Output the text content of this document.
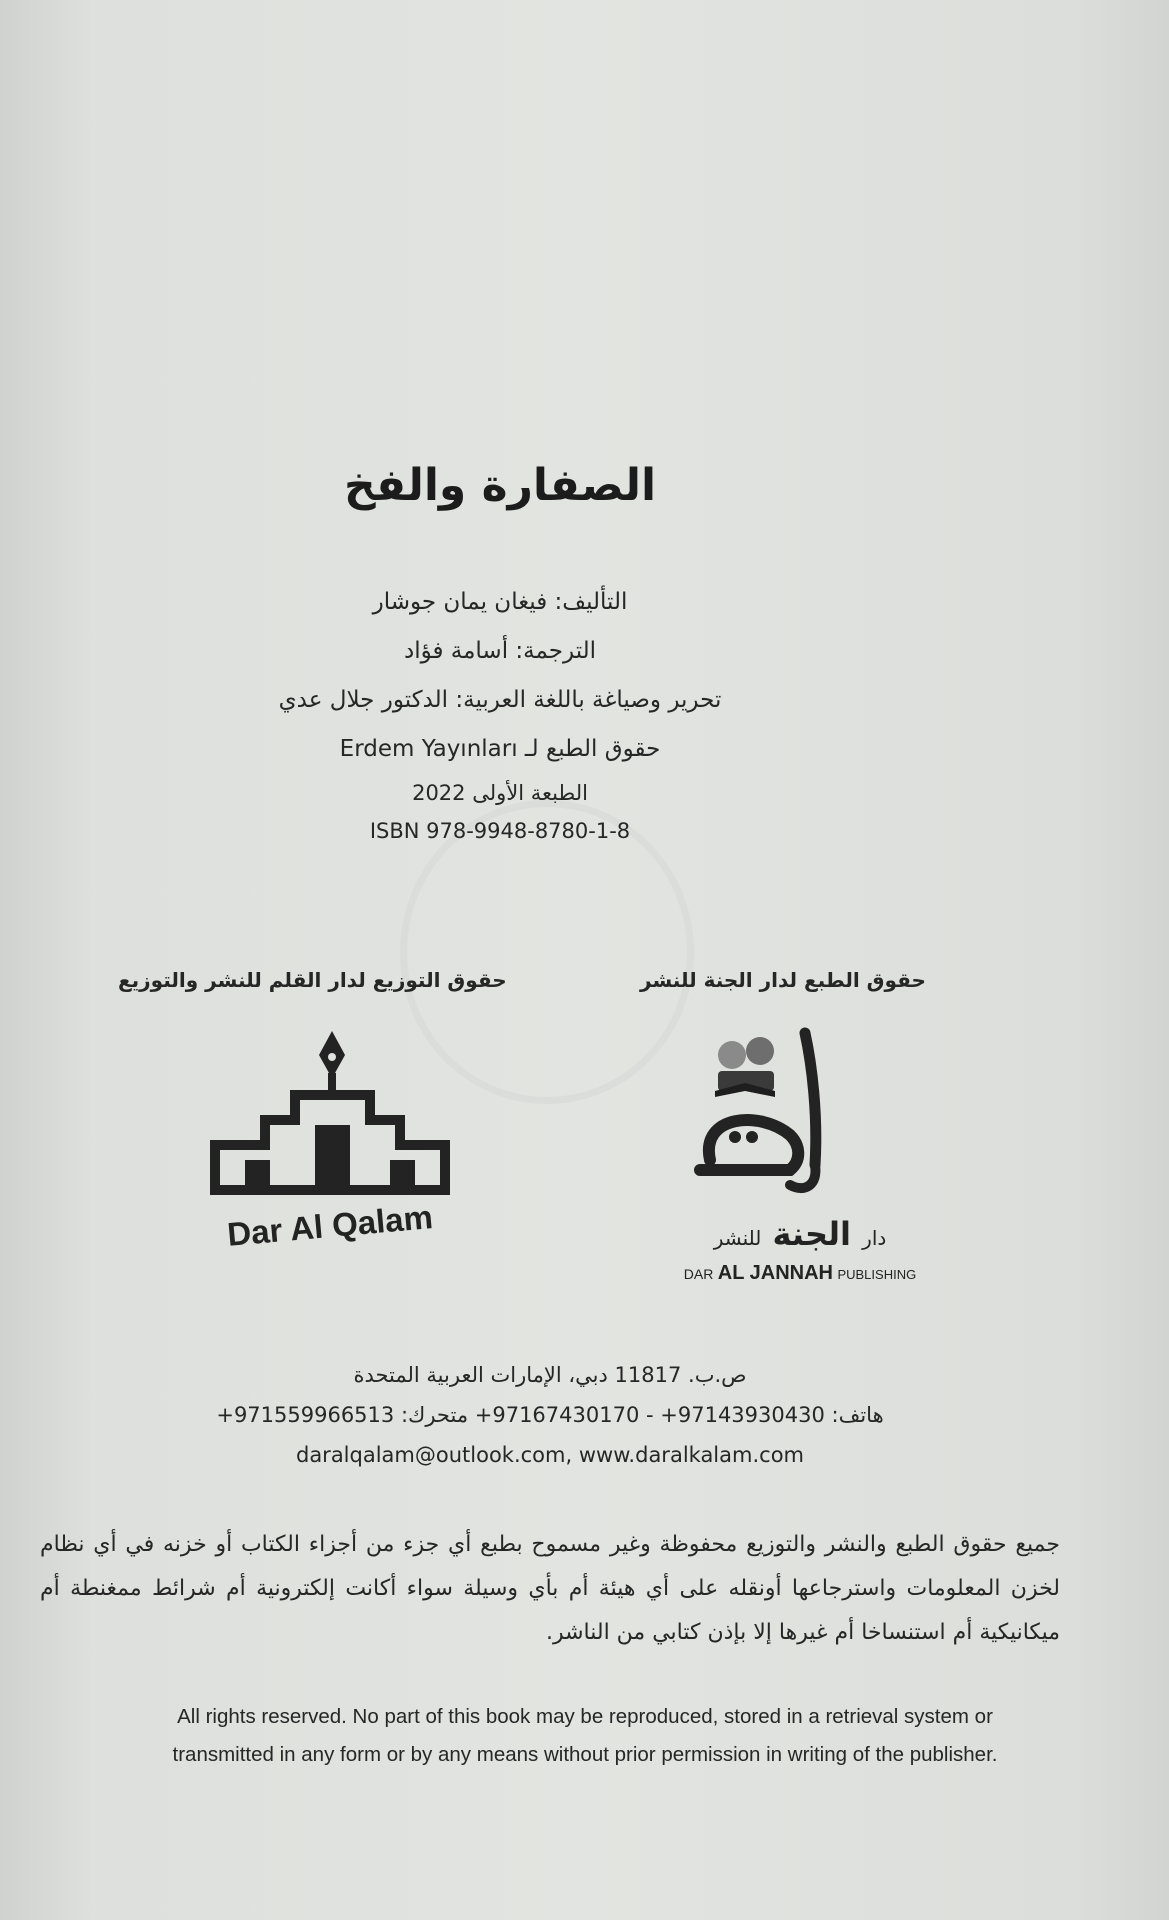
الصفارة والفخ
التأليف: فيغان يمان جوشار
الترجمة: أسامة فؤاد
تحرير وصياغة باللغة العربية: الدكتور جلال عدي
حقوق الطبع لـ Erdem Yayınları
الطبعة الأولى 2022
ISBN 978-9948-8780-1-8
حقوق الطبع لدار الجنة للنشر
حقوق التوزيع لدار القلم للنشر والتوزيع
دار الجنة للنشر
DAR AL JANNAH PUBLISHING
Dar Al Qalam
ص.ب. 11817 دبي، الإمارات العربية المتحدة
هاتف: 97143930430+ - 97167430170+ متحرك: 971559966513+
daralqalam@outlook.com, www.daralkalam.com
جميع حقوق الطبع والنشر والتوزيع محفوظة وغير مسموح بطبع أي جزء من أجزاء الكتاب أو خزنه في أي نظام لخزن المعلومات واسترجاعها أونقله على أي هيئة أم بأي وسيلة سواء أكانت إلكترونية أم شرائط ممغنطة أم ميكانيكية أم استنساخا أم غيرها إلا بإذن كتابي من الناشر.
All rights reserved. No part of this book may be reproduced, stored in a retrieval system or
transmitted in any form or by any means without prior permission in writing of the publisher.
